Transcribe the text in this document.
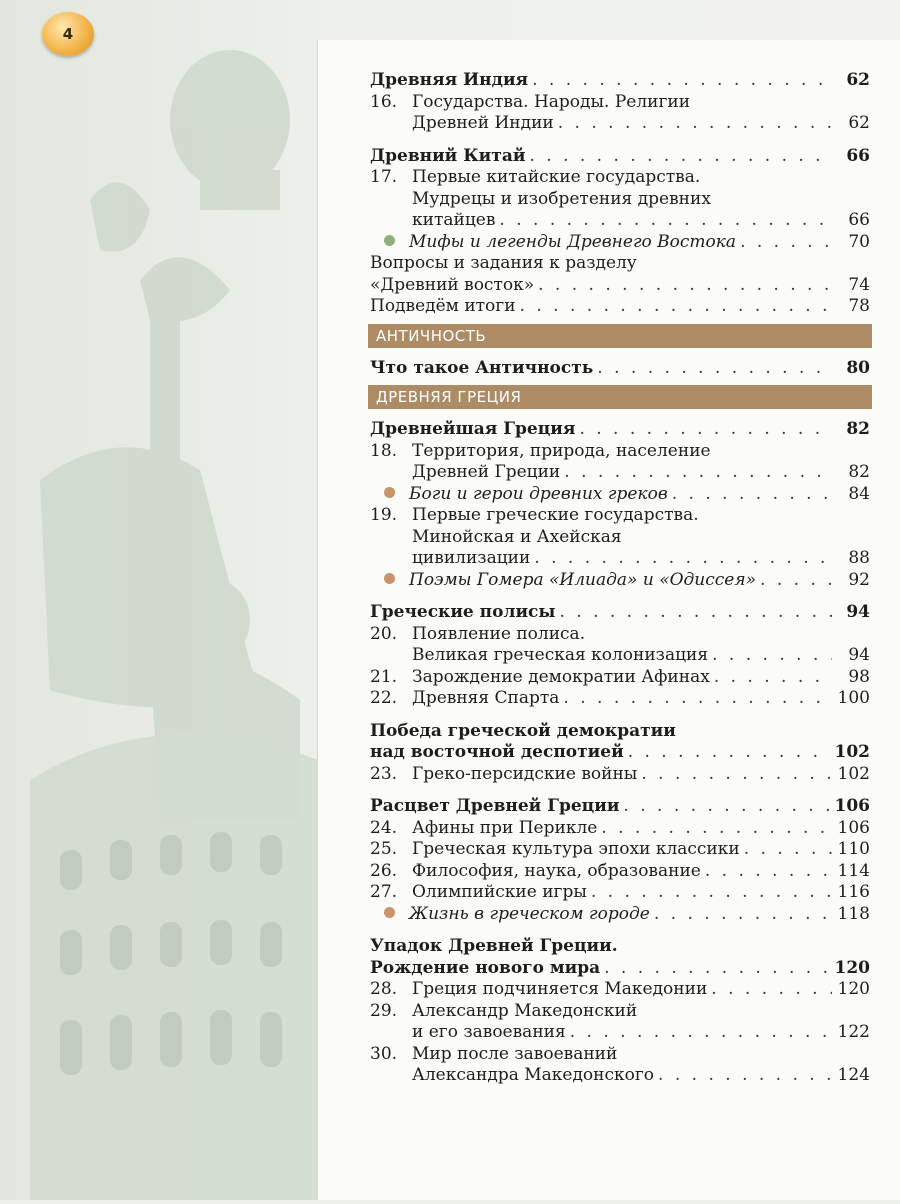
4
Древняя Индия . . .	62
16. Государства. Народы. Религии
Древней Индии . . .	62
Древний Китай . . .	66
17. Первые китайские государства.
Мудрецы и изобретения древних
китайцев . . .	66
Мифы и легенды Древнего Востока . . .	70
Вопросы и задания к разделу
«Древний восток» . . .	74
Подведём итоги . . .	78
АНТИЧНОСТЬ
Что такое Античность . . .	80
ДРЕВНЯЯ ГРЕЦИЯ
Древнейшая Греция . . .	82
18. Территория, природа, население
Древней Греции . . .	82
Боги и герои древних греков . . .	84
19. Первые греческие государства.
Минойская и Ахейская
цивилизации . . .	88
Поэмы Гомера «Илиада» и «Одиссея» . . .	92
Греческие полисы . . .	94
20. Появление полиса.
Великая греческая колонизация . . .	94
21. Зарождение демократии Афинах . . .	98
22. Древняя Спарта . . .	100
Победа греческой демократии
над восточной деспотией . . .	102
23. Греко-персидские войны . . .	102
Расцвет Древней Греции . . .	106
24. Афины при Перикле . . .	106
25. Греческая культура эпохи классики . . .	110
26. Философия, наука, образование . . .	114
27. Олимпийские игры . . .	116
Жизнь в греческом городе . . .	118
Упадок Древней Греции.
Рождение нового мира . . .	120
28. Греция подчиняется Македонии . . .	120
29. Александр Македонский
и его завоевания . . .	122
30. Мир после завоеваний
Александра Македонского . . .	124
